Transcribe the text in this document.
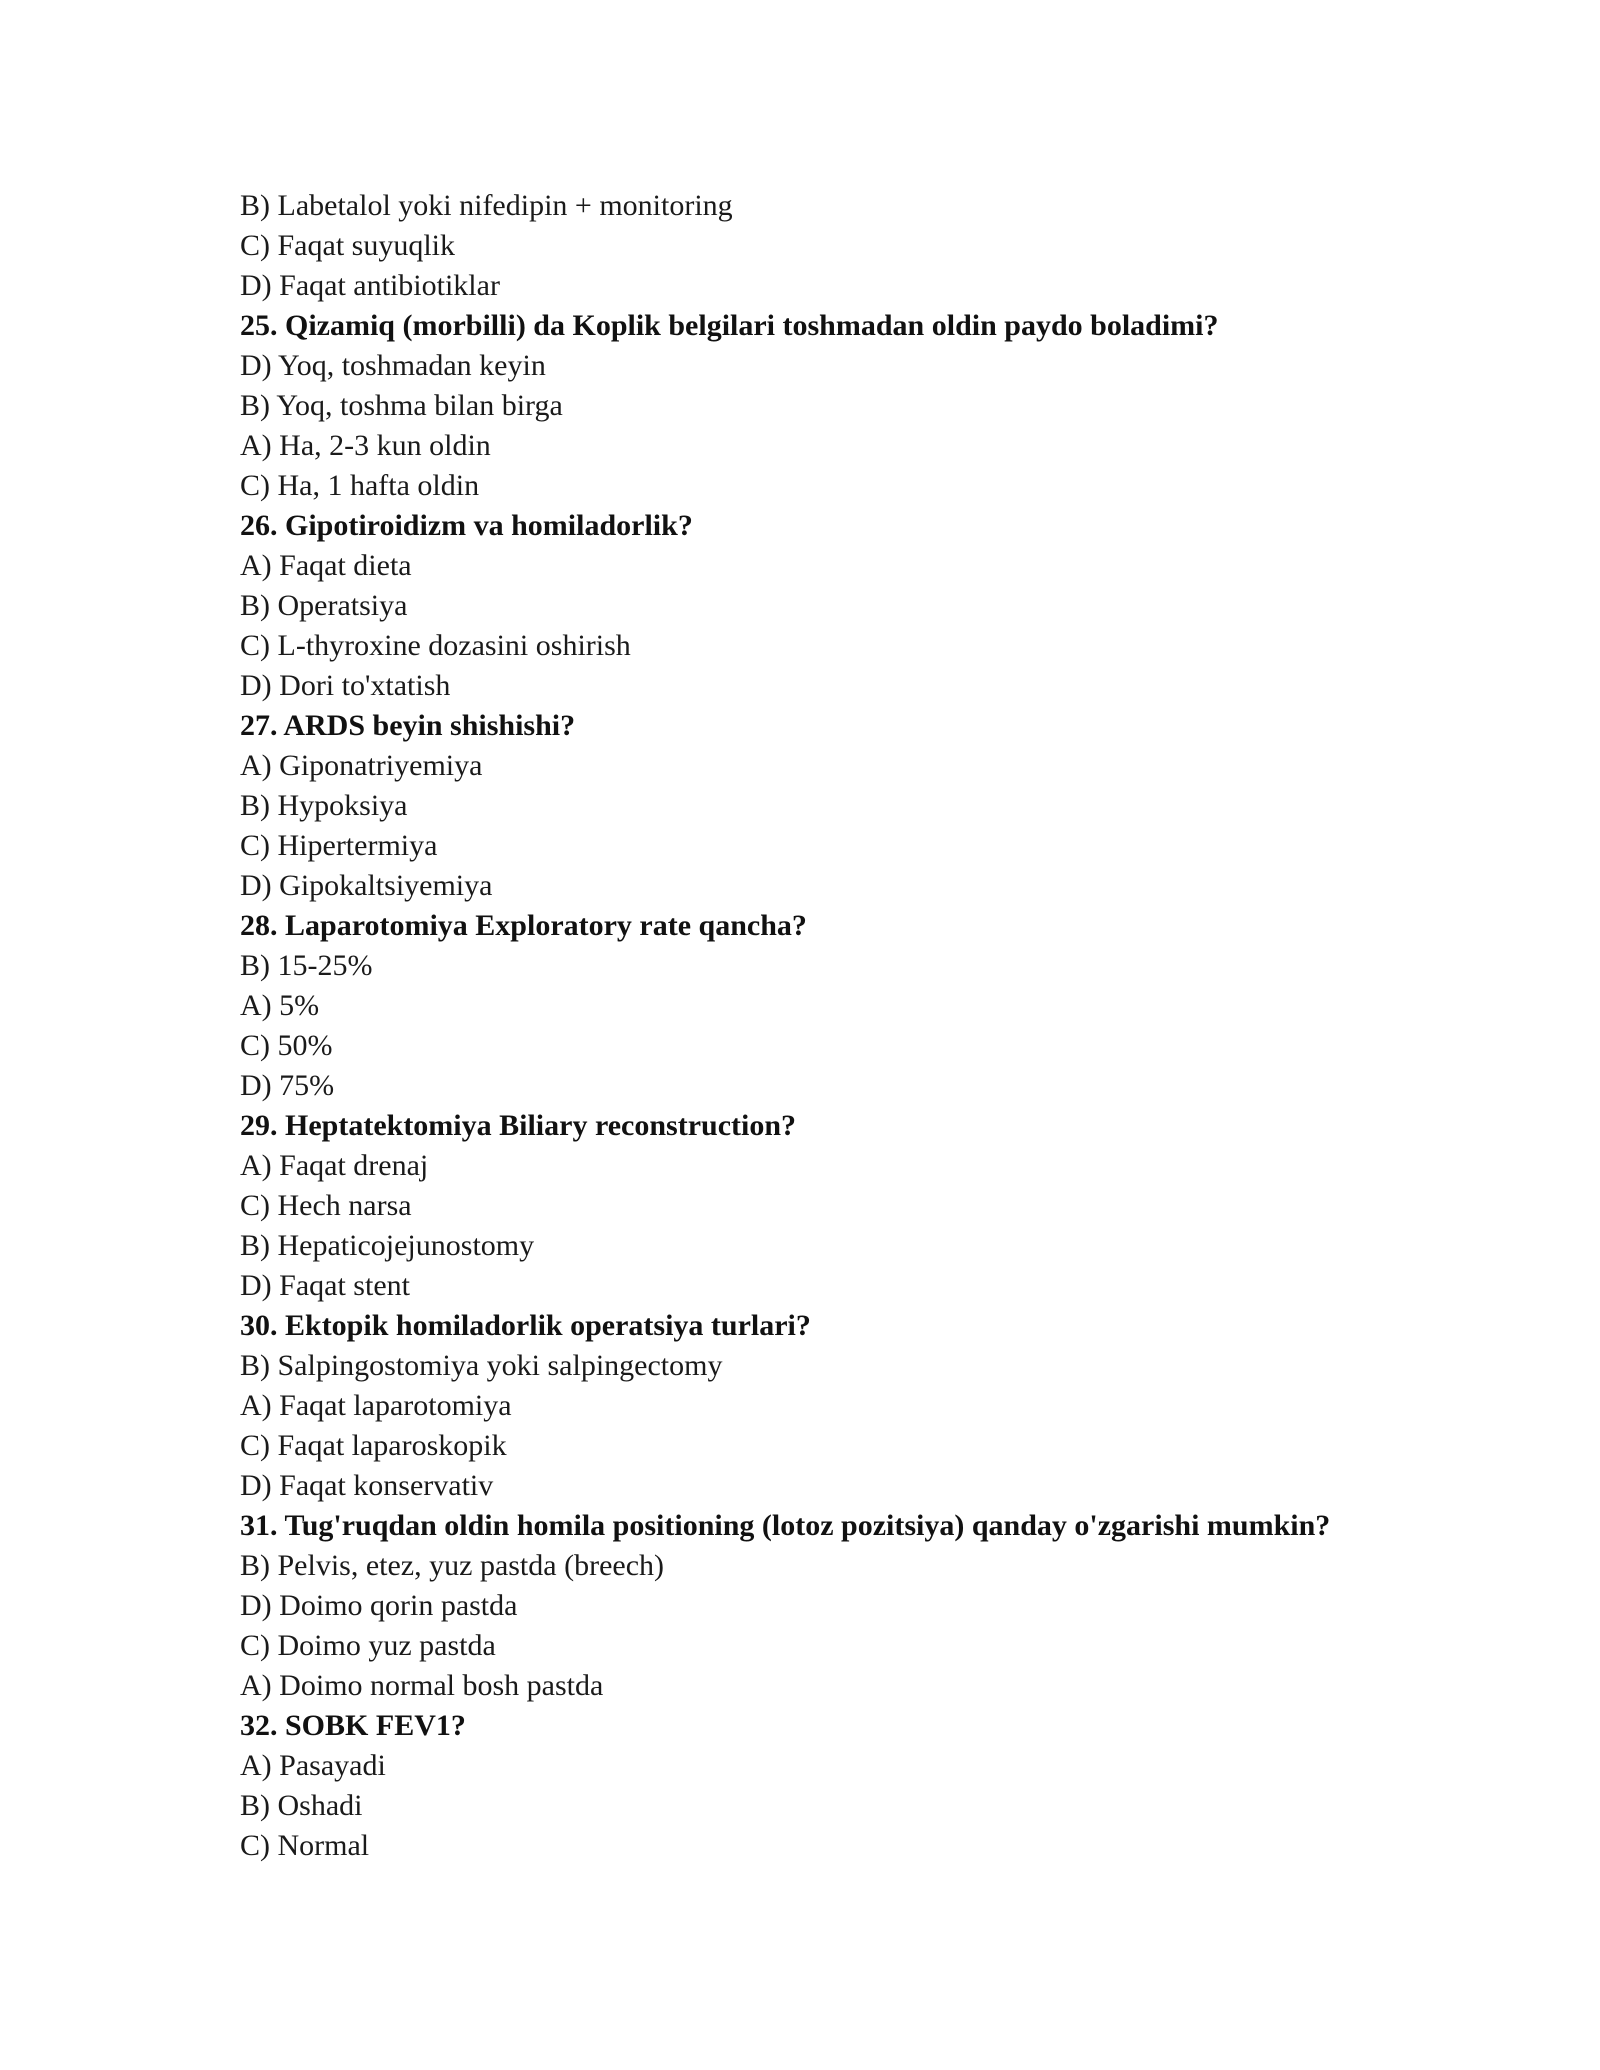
B) Labetalol yoki nifedipin + monitoring
C) Faqat suyuqlik
D) Faqat antibiotiklar
25. Qizamiq (morbilli) da Koplik belgilari toshmadan oldin paydo boladimi?
D) Yoq, toshmadan keyin
B) Yoq, toshma bilan birga
A) Ha, 2-3 kun oldin
C) Ha, 1 hafta oldin
26. Gipotiroidizm va homiladorlik?
A) Faqat dieta
B) Operatsiya
C) L-thyroxine dozasini oshirish
D) Dori to'xtatish
27. ARDS beyin shishishi?
A) Giponatriyemiya
B) Hypoksiya
C) Hipertermiya
D) Gipokaltsiyemiya
28. Laparotomiya Exploratory rate qancha?
B) 15-25%
A) 5%
C) 50%
D) 75%
29. Heptatektomiya Biliary reconstruction?
A) Faqat drenaj
C) Hech narsa
B) Hepaticojejunostomy
D) Faqat stent
30. Ektopik homiladorlik operatsiya turlari?
B) Salpingostomiya yoki salpingectomy
A) Faqat laparotomiya
C) Faqat laparoskopik
D) Faqat konservativ
31. Tug'ruqdan oldin homila positioning (lotoz pozitsiya) qanday o'zgarishi mumkin?
B) Pelvis, etez, yuz pastda (breech)
D) Doimo qorin pastda
C) Doimo yuz pastda
A) Doimo normal bosh pastda
32. SOBK FEV1?
A) Pasayadi
B) Oshadi
C) Normal
